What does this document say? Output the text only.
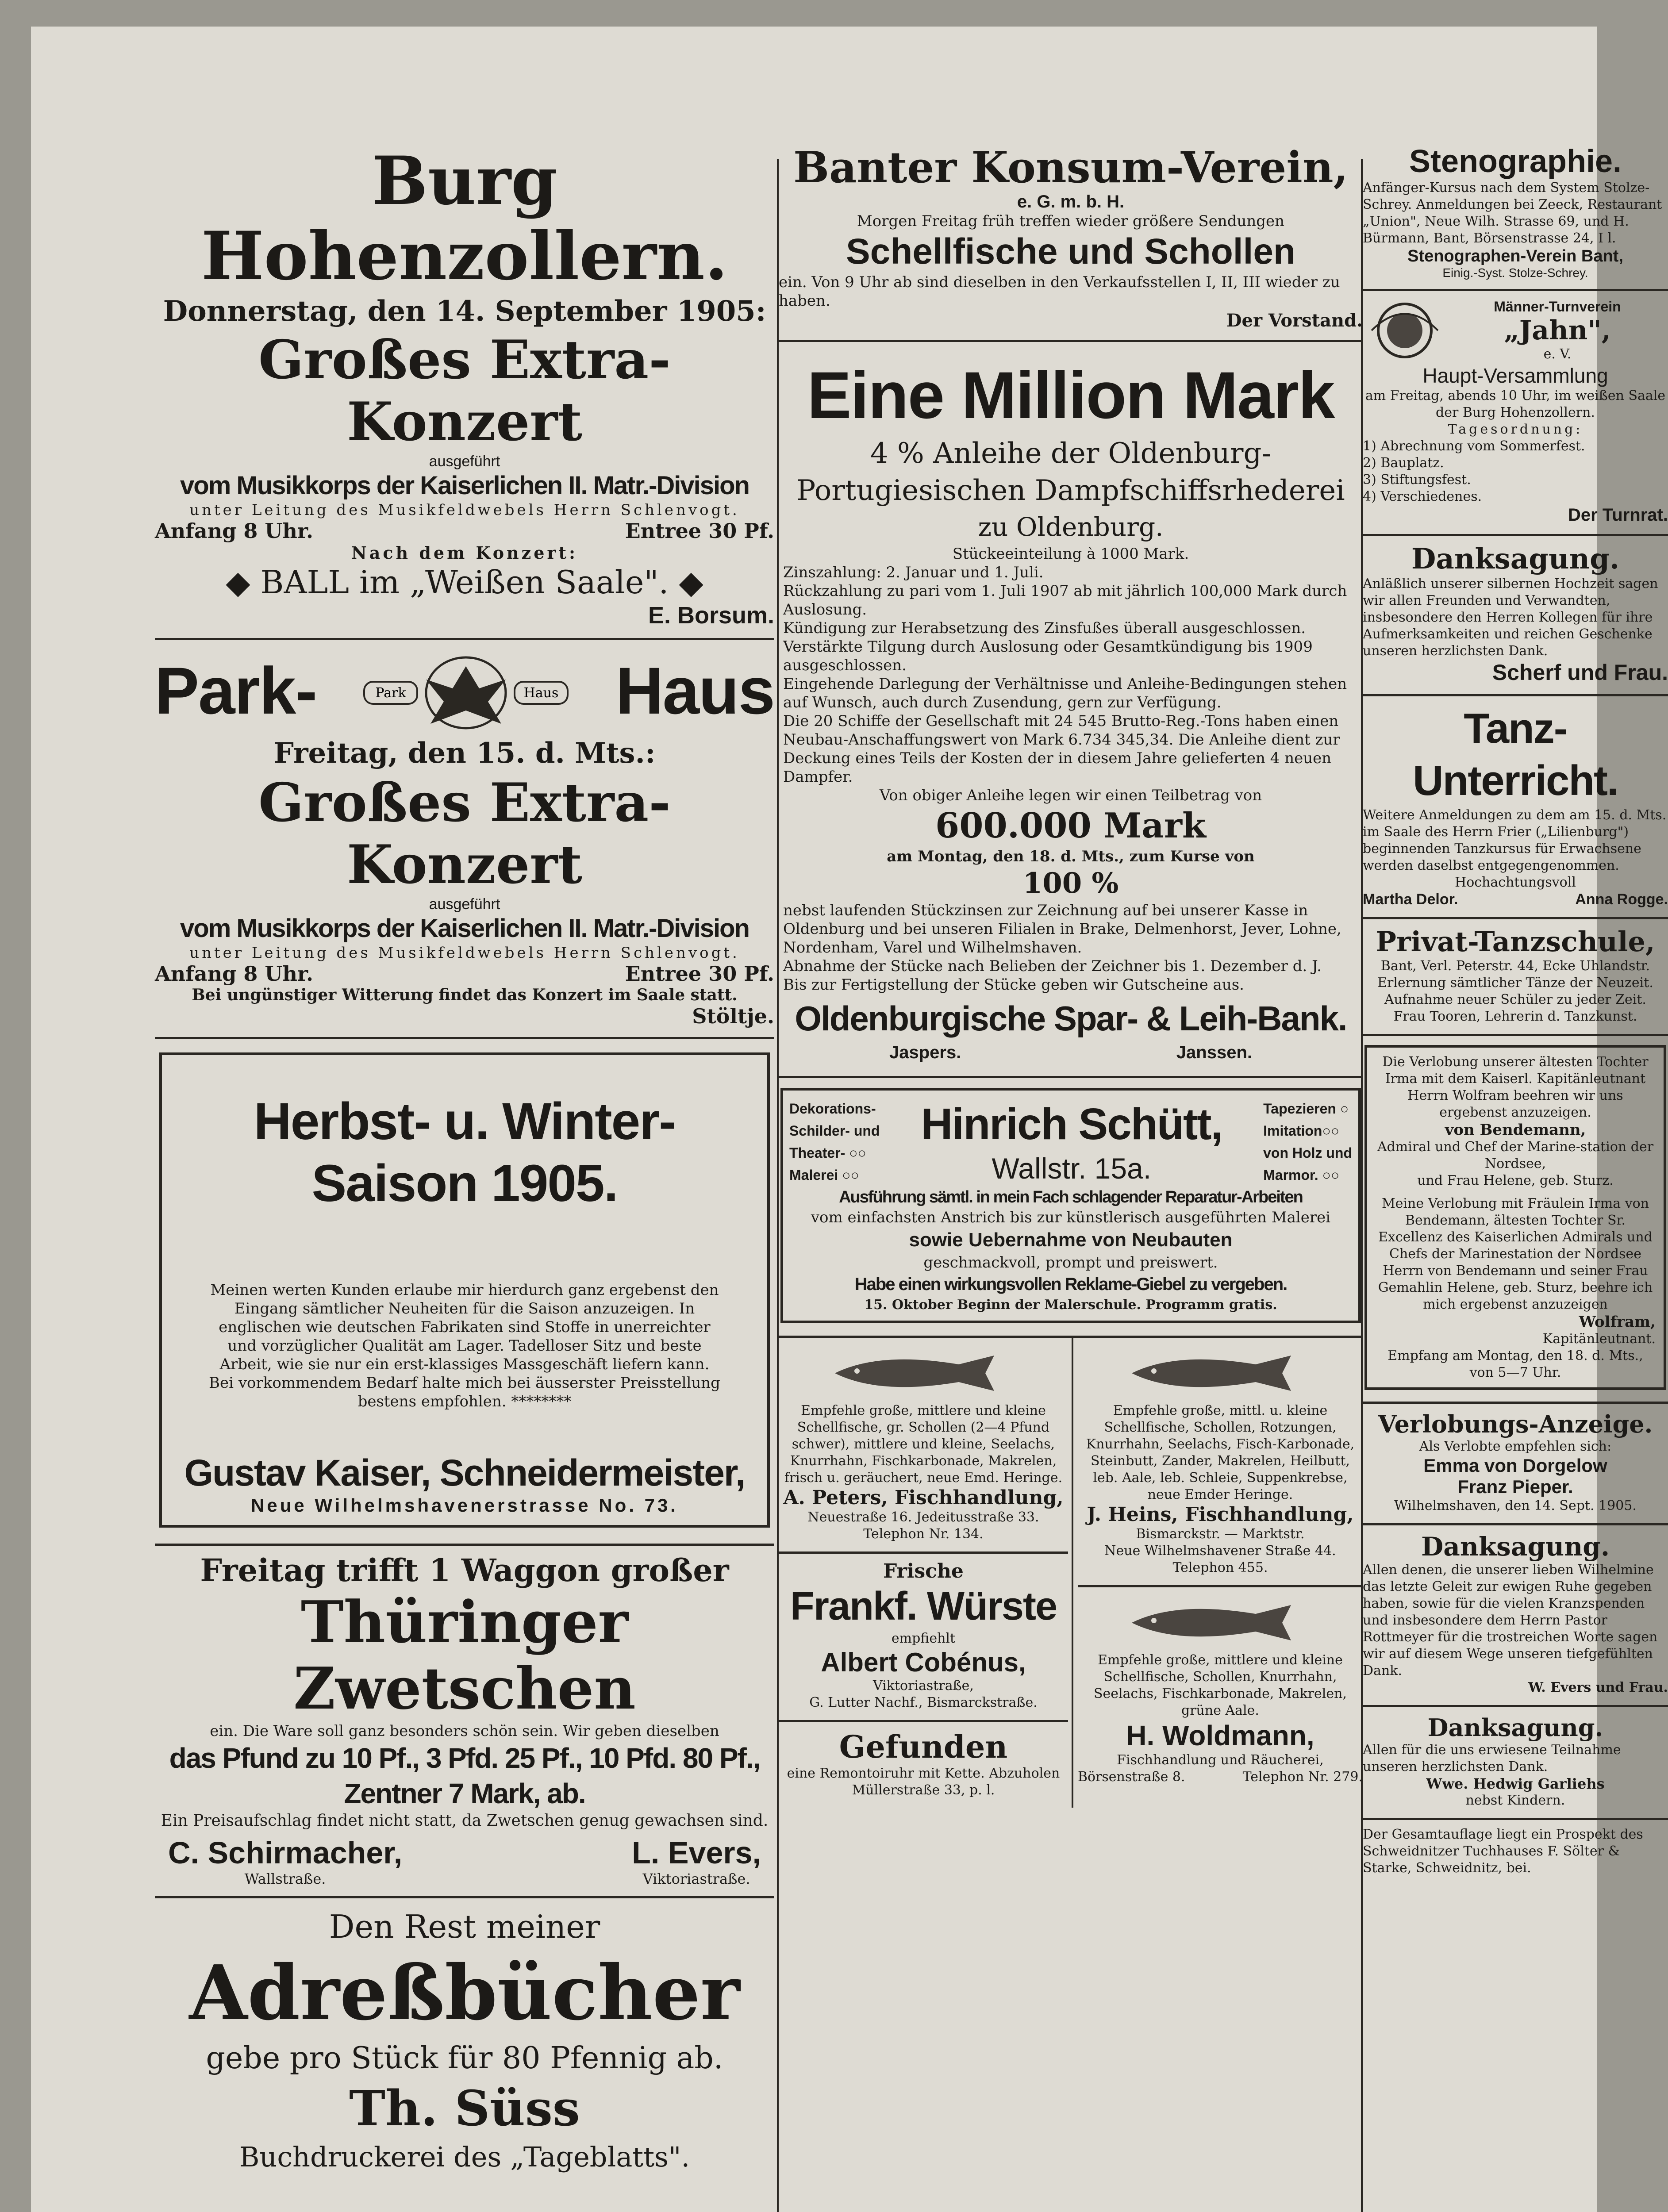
Burg Hohenzollern.
Donnerstag, den 14. September 1905:
Großes Extra-Konzert
ausgeführt
vom Musikkorps der Kaiserlichen II. Matr.-Division
unter Leitung des Musikfeldwebels Herrn Schlenvogt.
Anfang 8 Uhr.	Entree 30 Pf.
Nach dem Konzert:
◆ BALL im „Weißen Saale". ◆
E. Borsum.
Park-	Park	Haus Haus
Freitag, den 15. d. Mts.:
Großes Extra-Konzert
ausgeführt
vom Musikkorps der Kaiserlichen II. Matr.-Division
unter Leitung des Musikfeldwebels Herrn Schlenvogt.
Anfang 8 Uhr.	Entree 30 Pf.
Bei ungünstiger Witterung findet das Konzert im Saale statt.
Stöltje.
Herbst- u. Winter-Saison 1905.
Meinen werten Kunden erlaube mir hierdurch ganz ergebenst den Eingang sämtlicher Neuheiten für die Saison anzuzeigen. In englischen wie deutschen Fabrikaten sind Stoffe in unerreichter und vorzüglicher Qualität am Lager. Tadelloser Sitz und beste Arbeit, wie sie nur ein erst-klassiges Massgeschäft liefern kann. Bei vorkommendem Bedarf halte mich bei äusserster Preisstellung bestens empfohlen. ********
Gustav Kaiser, Schneidermeister,
Neue Wilhelmshavenerstrasse No. 73.
Freitag trifft 1 Waggon großer
Thüringer Zwetschen
ein. Die Ware soll ganz besonders schön sein. Wir geben dieselben
das Pfund zu 10 Pf., 3 Pfd. 25 Pf., 10 Pfd. 80 Pf.,
Zentner 7 Mark, ab.
Ein Preisaufschlag findet nicht statt, da Zwetschen genug gewachsen sind.
C. Schirmacher,
Wallstraße.
L. Evers,
Viktoriastraße.
Den Rest meiner
Adreßbücher
gebe pro Stück für 80 Pfennig ab.
Th. Süss
Buchdruckerei des „Tageblatts".
Banter Konsum-Verein,
e. G. m. b. H.
Morgen Freitag früh treffen wieder größere Sendungen
Schellfische und Schollen
ein. Von 9 Uhr ab sind dieselben in den Verkaufsstellen I, II, III wieder zu haben.
Der Vorstand.
Eine Million Mark
4 % Anleihe der Oldenburg-Portugiesischen Dampfschiffsrhederei
zu Oldenburg.
Stückeeinteilung à 1000 Mark.
Zinszahlung: 2. Januar und 1. Juli.
Rückzahlung zu pari vom 1. Juli 1907 ab mit jährlich 100,000 Mark durch Auslosung.
Kündigung zur Herabsetzung des Zinsfußes überall ausgeschlossen. Verstärkte Tilgung durch Auslosung oder Gesamtkündigung bis 1909 ausgeschlossen.
Eingehende Darlegung der Verhältnisse und Anleihe-Bedingungen stehen auf Wunsch, auch durch Zusendung, gern zur Verfügung.
Die 20 Schiffe der Gesellschaft mit 24 545 Brutto-Reg.-Tons haben einen Neubau-Anschaffungswert von Mark 6.734 345,34. Die Anleihe dient zur Deckung eines Teils der Kosten der in diesem Jahre gelieferten 4 neuen Dampfer.
Von obiger Anleihe legen wir einen Teilbetrag von
600.000 Mark
am Montag, den 18. d. Mts., zum Kurse von
100 %
nebst laufenden Stückzinsen zur Zeichnung auf bei unserer Kasse in Oldenburg und bei unseren Filialen in Brake, Delmenhorst, Jever, Lohne, Nordenham, Varel und Wilhelmshaven.
Abnahme der Stücke nach Belieben der Zeichner bis 1. Dezember d. J.
Bis zur Fertigstellung der Stücke geben wir Gutscheine aus.
Oldenburgische Spar- & Leih-Bank.
Jaspers.	Janssen.
Dekorations-
Schilder- und
Theater- ○○
Malerei ○○
Hinrich Schütt,
Wallstr. 15a.
Tapezieren ○
Imitation○○
von Holz und
Marmor. ○○
Ausführung sämtl. in mein Fach schlagender Reparatur-Arbeiten
vom einfachsten Anstrich bis zur künstlerisch ausgeführten Malerei
sowie Uebernahme von Neubauten
geschmackvoll, prompt und preiswert.
Habe einen wirkungsvollen Reklame-Giebel zu vergeben.
15. Oktober Beginn der Malerschule. Programm gratis.
Empfehle große, mittlere und kleine Schellfische, gr. Schollen (2—4 Pfund schwer), mittlere und kleine, Seelachs, Knurrhahn, Fischkarbonade, Makrelen, frisch u. geräuchert, neue Emd. Heringe.
A. Peters, Fischhandlung,
Neuestraße 16. Jedeitusstraße 33.
Telephon Nr. 134.
Frische
Frankf. Würste
empfiehlt
Albert Cobénus,
Viktoriastraße,
G. Lutter Nachf., Bismarckstraße.
Gefunden
eine Remontoiruhr mit Kette. Abzuholen Müllerstraße 33, p. l.
Empfehle große, mittl. u. kleine Schellfische, Schollen, Rotzungen, Knurrhahn, Seelachs, Fisch-Karbonade, Steinbutt, Zander, Makrelen, Heilbutt, leb. Aale, leb. Schleie, Suppenkrebse, neue Emder Heringe.
J. Heins, Fischhandlung,
Bismarckstr. — Marktstr.
Neue Wilhelmshavener Straße 44.
Telephon 455.
Empfehle große, mittlere und kleine Schellfische, Schollen, Knurrhahn, Seelachs, Fischkarbonade, Makrelen, grüne Aale.
H. Woldmann,
Fischhandlung und Räucherei,
Börsenstraße 8.	Telephon Nr. 279.
Stenographie.
Anfänger-Kursus nach dem System Stolze-Schrey. Anmeldungen bei Zeeck, Restaurant „Union", Neue Wilh. Strasse 69, und H. Bürmann, Bant, Börsenstrasse 24, I l.
Stenographen-Verein Bant,
Einig.-Syst. Stolze-Schrey.
Männer-Turnverein
„Jahn",
e. V.
Haupt-Versammlung
am Freitag, abends 10 Uhr, im weißen Saale der Burg Hohenzollern.
Tagesordnung:
1) Abrechnung vom Sommerfest.
2) Bauplatz.
3) Stiftungsfest.
4) Verschiedenes.
Der Turnrat.
Danksagung.
Anläßlich unserer silbernen Hochzeit sagen wir allen Freunden und Verwandten, insbesondere den Herren Kollegen für ihre Aufmerksamkeiten und reichen Geschenke unseren herzlichsten Dank.
Scherf und Frau.
Tanz-Unterricht.
Weitere Anmeldungen zu dem am 15. d. Mts. im Saale des Herrn Frier („Lilienburg") beginnenden Tanzkursus für Erwachsene werden daselbst entgegengenommen.
Hochachtungsvoll
Martha Delor.	Anna Rogge.
Privat-Tanzschule,
Bant, Verl. Peterstr. 44, Ecke Uhlandstr. Erlernung sämtlicher Tänze der Neuzeit. Aufnahme neuer Schüler zu jeder Zeit.
Frau Tooren, Lehrerin d. Tanzkunst.
Die Verlobung unserer ältesten Tochter Irma mit dem Kaiserl. Kapitänleutnant Herrn Wolfram beehren wir uns ergebenst anzuzeigen.
von Bendemann,
Admiral und Chef der Marine-station der Nordsee,
und Frau Helene, geb. Sturz.
Meine Verlobung mit Fräulein Irma von Bendemann, ältesten Tochter Sr. Excellenz des Kaiserlichen Admirals und Chefs der Marinestation der Nordsee Herrn von Bendemann und seiner Frau Gemahlin Helene, geb. Sturz, beehre ich mich ergebenst anzuzeigen
Wolfram,
Kapitänleutnant.
Empfang am Montag, den 18. d. Mts., von 5—7 Uhr.
Verlobungs-Anzeige.
Als Verlobte empfehlen sich:
Emma von Dorgelow
Franz Pieper.
Wilhelmshaven, den 14. Sept. 1905.
Danksagung.
Allen denen, die unserer lieben Wilhelmine das letzte Geleit zur ewigen Ruhe gegeben haben, sowie für die vielen Kranzspenden und insbesondere dem Herrn Pastor Rottmeyer für die trostreichen Worte sagen wir auf diesem Wege unseren tiefgefühlten Dank.
W. Evers und Frau.
Danksagung.
Allen für die uns erwiesene Teilnahme unseren herzlichsten Dank.
Wwe. Hedwig Garliehs
nebst Kindern.
Der Gesamtauflage liegt ein Prospekt des Schweidnitzer Tuchhauses F. Sölter & Starke, Schweidnitz, bei.
